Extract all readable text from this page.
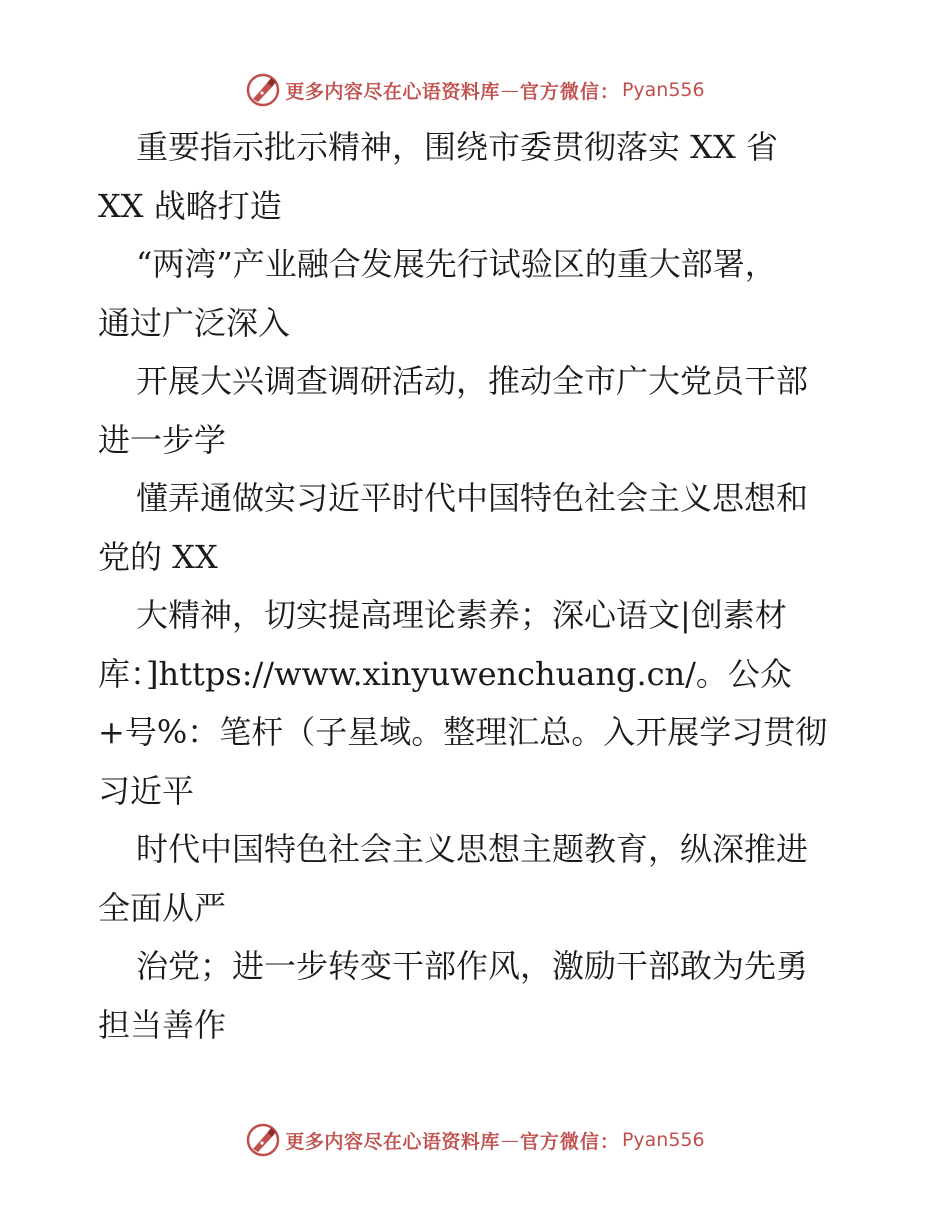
更多内容尽在心语资料库 — 官方微信： Pyan556
重要指示批示精神，围绕市委贯彻落实 XX 省
XX 战略打造
“两湾”产业融合发展先行试验区的重大部署，
通过广泛深入
开展大兴调查调研活动，推动全市广大党员干部
进一步学
懂弄通做实习近平时代中国特色社会主义思想和
党的 XX
大精神，切实提高理论素养；深心语文|创素材
库：]https://www.xinyuwenchuang.cn/。公众
+号%：笔杆（子星域。整理汇总。入开展学习贯彻
习近平
时代中国特色社会主义思想主题教育，纵深推进
全面从严
治党；进一步转变干部作风，激励干部敢为先勇
担当善作
更多内容尽在心语资料库 — 官方微信： Pyan556
